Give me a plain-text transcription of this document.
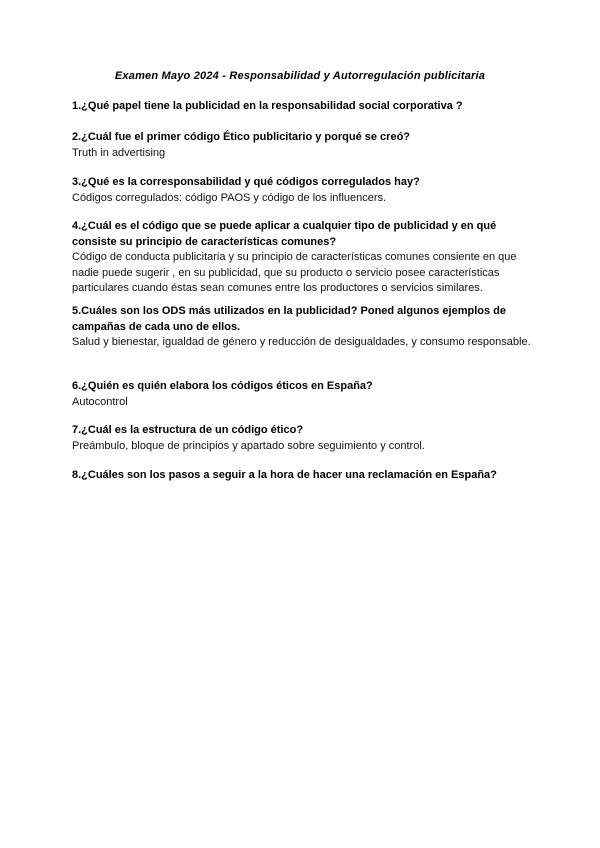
Examen Mayo 2024 - Responsabilidad y Autorregulación publicitaria
1.¿Qué papel tiene la publicidad en la responsabilidad social corporativa ?
2.¿Cuál fue el primer código Ético publicitario y porqué se creó?
Truth in advertising
3.¿Qué es la corresponsabilidad y qué códigos corregulados hay?
Códigos corregulados: código PAOS y código de los influencers.
4.¿Cuál es el código que se puede aplicar a cualquier tipo de publicidad y en qué consiste su principio de características comunes?
Código de conducta publicitaria y su principio de características comunes consiente en que nadie puede sugerir , en su publicidad, que su producto o servicio posee características particulares cuando éstas sean comunes entre los productores o servicios similares.
5.Cuáles son los ODS más utilizados en la publicidad? Poned algunos ejemplos de campañas de cada uno de ellos.
Salud y bienestar, igualdad de género y reducción de desigualdades, y consumo responsable.
6.¿Quién es quién elabora los códigos éticos en España?
Autocontrol
7.¿Cuál es la estructura de un código ético?
Preámbulo, bloque de principios y apartado sobre seguimiento y control.
8.¿Cuáles son los pasos a seguir a la hora de hacer una reclamación en España?
